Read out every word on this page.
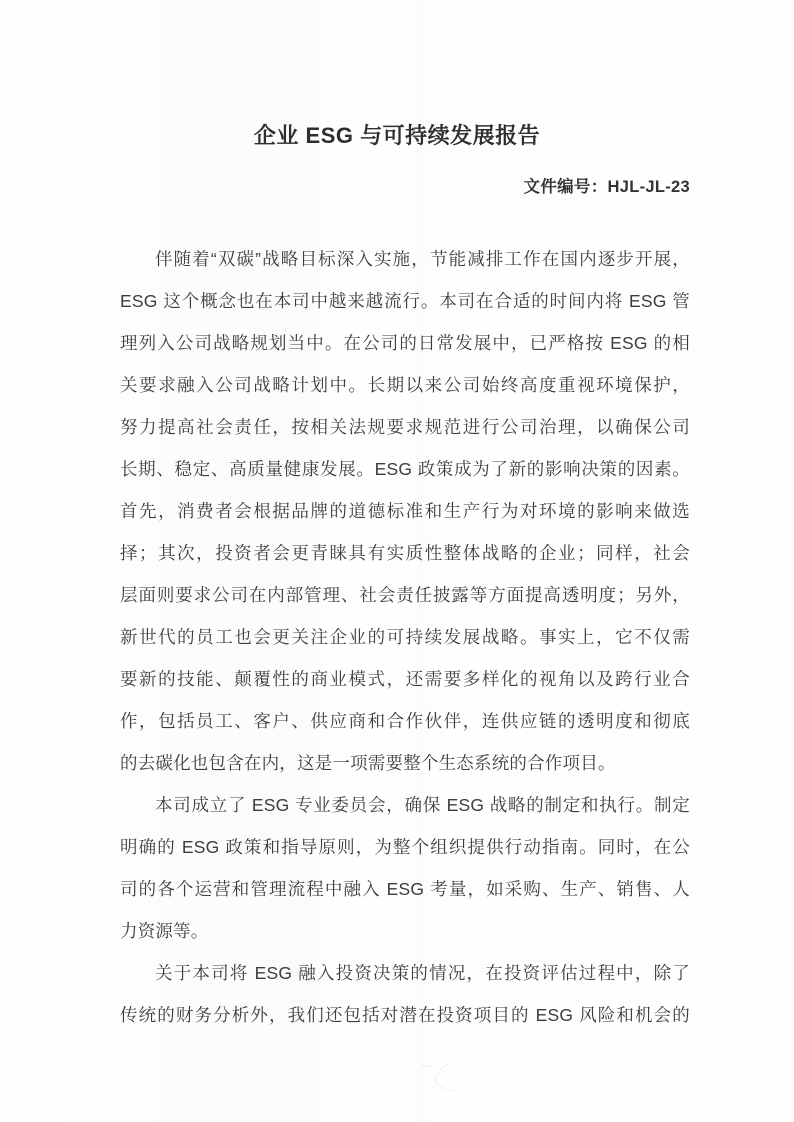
企业 ESG 与可持续发展报告
文件编号：HJL-JL-23
伴随着“双碳”战略目标深入实施，节能减排工作在国内逐步开展，
ESG 这个概念也在本司中越来越流行。本司在合适的时间内将 ESG 管
理列入公司战略规划当中。在公司的日常发展中，已严格按 ESG 的相
关要求融入公司战略计划中。长期以来公司始终高度重视环境保护，
努力提高社会责任，按相关法规要求规范进行公司治理，以确保公司
长期、稳定、高质量健康发展。ESG 政策成为了新的影响决策的因素。
首先，消费者会根据品牌的道德标准和生产行为对环境的影响来做选
择；其次，投资者会更青睐具有实质性整体战略的企业；同样，社会
层面则要求公司在内部管理、社会责任披露等方面提高透明度；另外，
新世代的员工也会更关注企业的可持续发展战略。事实上，它不仅需
要新的技能、颠覆性的商业模式，还需要多样化的视角以及跨行业合
作，包括员工、客户、供应商和合作伙伴，连供应链的透明度和彻底
的去碳化也包含在内，这是一项需要整个生态系统的合作项目。
本司成立了 ESG 专业委员会，确保 ESG 战略的制定和执行。制定
明确的 ESG 政策和指导原则，为整个组织提供行动指南。同时，在公
司的各个运营和管理流程中融入 ESG 考量，如采购、生产、销售、人
力资源等。
关于本司将 ESG 融入投资决策的情况，在投资评估过程中，除了
传统的财务分析外，我们还包括对潜在投资项目的 ESG 风险和机会的
